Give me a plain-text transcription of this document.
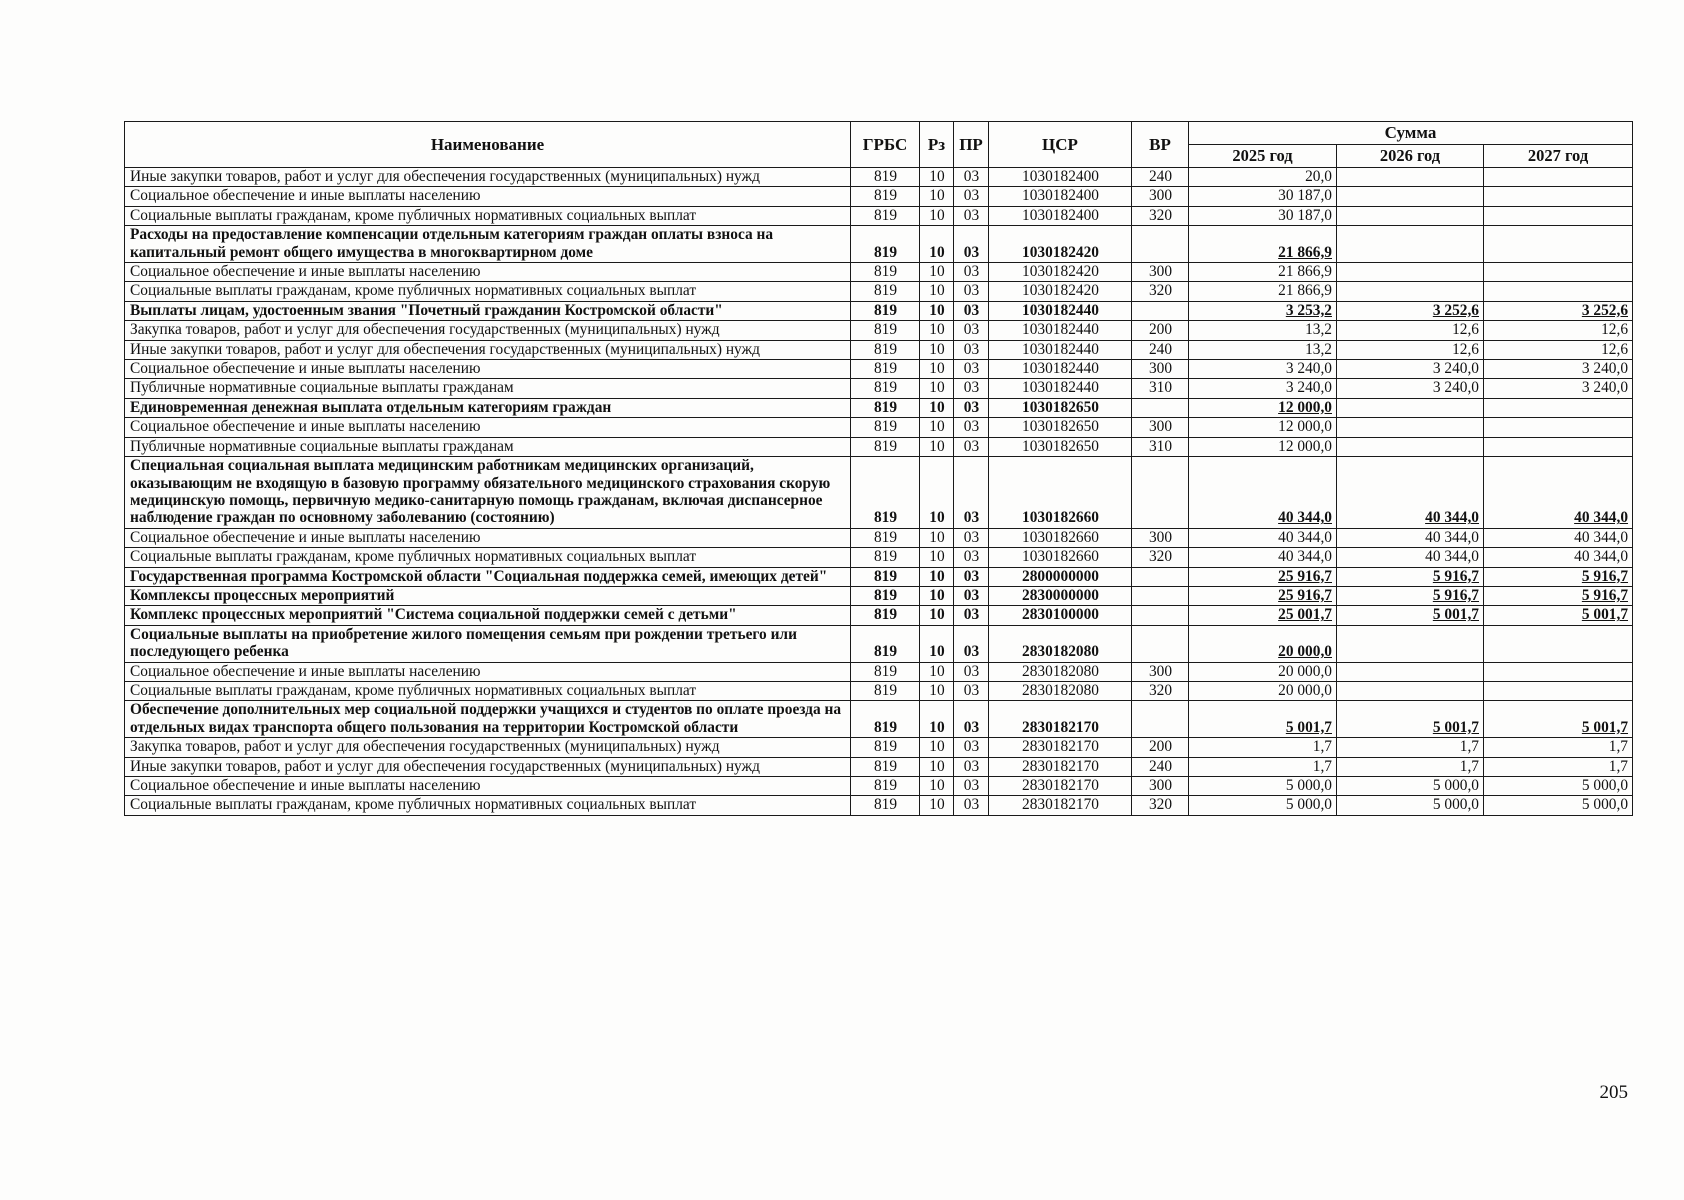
Наименование	ГРБС	Рз	ПР	ЦСР	ВР	Сумма		
						2025 год	2026 год	2027 год
Иные закупки товаров, работ и услуг для обеспечения государственных (муниципальных) нужд	819	10	03	1030182400	240	20,0		
Социальное обеспечение и иные выплаты населению	819	10	03	1030182400	300	30 187,0		
Социальные выплаты гражданам, кроме публичных нормативных социальных выплат	819	10	03	1030182400	320	30 187,0		
Расходы на предоставление компенсации отдельным категориям граждан оплаты взноса на капитальный ремонт общего имущества в многоквартирном доме	819	10	03	1030182420		21 866,9		
Социальное обеспечение и иные выплаты населению	819	10	03	1030182420	300	21 866,9		
Социальные выплаты гражданам, кроме публичных нормативных социальных выплат	819	10	03	1030182420	320	21 866,9		
Выплаты лицам, удостоенным звания "Почетный гражданин Костромской области"	819	10	03	1030182440		3 253,2	3 252,6	3 252,6
Закупка товаров, работ и услуг для обеспечения государственных (муниципальных) нужд	819	10	03	1030182440	200	13,2	12,6	12,6
Иные закупки товаров, работ и услуг для обеспечения государственных (муниципальных) нужд	819	10	03	1030182440	240	13,2	12,6	12,6
Социальное обеспечение и иные выплаты населению	819	10	03	1030182440	300	3 240,0	3 240,0	3 240,0
Публичные нормативные социальные выплаты гражданам	819	10	03	1030182440	310	3 240,0	3 240,0	3 240,0
Единовременная денежная выплата отдельным категориям граждан	819	10	03	1030182650		12 000,0		
Социальное обеспечение и иные выплаты населению	819	10	03	1030182650	300	12 000,0		
Публичные нормативные социальные выплаты гражданам	819	10	03	1030182650	310	12 000,0		
Специальная социальная выплата медицинским работникам медицинских организаций, оказывающим не входящую в базовую программу обязательного медицинского страхования скорую медицинскую помощь, первичную медико-санитарную помощь гражданам, включая диспансерное наблюдение граждан по основному заболеванию (состоянию)	819	10	03	1030182660		40 344,0	40 344,0	40 344,0
Социальное обеспечение и иные выплаты населению	819	10	03	1030182660	300	40 344,0	40 344,0	40 344,0
Социальные выплаты гражданам, кроме публичных нормативных социальных выплат	819	10	03	1030182660	320	40 344,0	40 344,0	40 344,0
Государственная программа Костромской области "Социальная поддержка семей, имеющих детей"	819	10	03	2800000000		25 916,7	5 916,7	5 916,7
Комплексы процессных мероприятий	819	10	03	2830000000		25 916,7	5 916,7	5 916,7
Комплекс процессных мероприятий "Система социальной поддержки семей с детьми"	819	10	03	2830100000		25 001,7	5 001,7	5 001,7
Социальные выплаты на приобретение жилого помещения семьям при рождении третьего или последующего ребенка	819	10	03	2830182080		20 000,0		
Социальное обеспечение и иные выплаты населению	819	10	03	2830182080	300	20 000,0		
Социальные выплаты гражданам, кроме публичных нормативных социальных выплат	819	10	03	2830182080	320	20 000,0		
Обеспечение дополнительных мер социальной поддержки учащихся и студентов по оплате проезда на отдельных видах транспорта общего пользования на территории Костромской области	819	10	03	2830182170		5 001,7	5 001,7	5 001,7
Закупка товаров, работ и услуг для обеспечения государственных (муниципальных) нужд	819	10	03	2830182170	200	1,7	1,7	1,7
Иные закупки товаров, работ и услуг для обеспечения государственных (муниципальных) нужд	819	10	03	2830182170	240	1,7	1,7	1,7
Социальное обеспечение и иные выплаты населению	819	10	03	2830182170	300	5 000,0	5 000,0	5 000,0
Социальные выплаты гражданам, кроме публичных нормативных социальных выплат	819	10	03	2830182170	320	5 000,0	5 000,0	5 000,0
205
